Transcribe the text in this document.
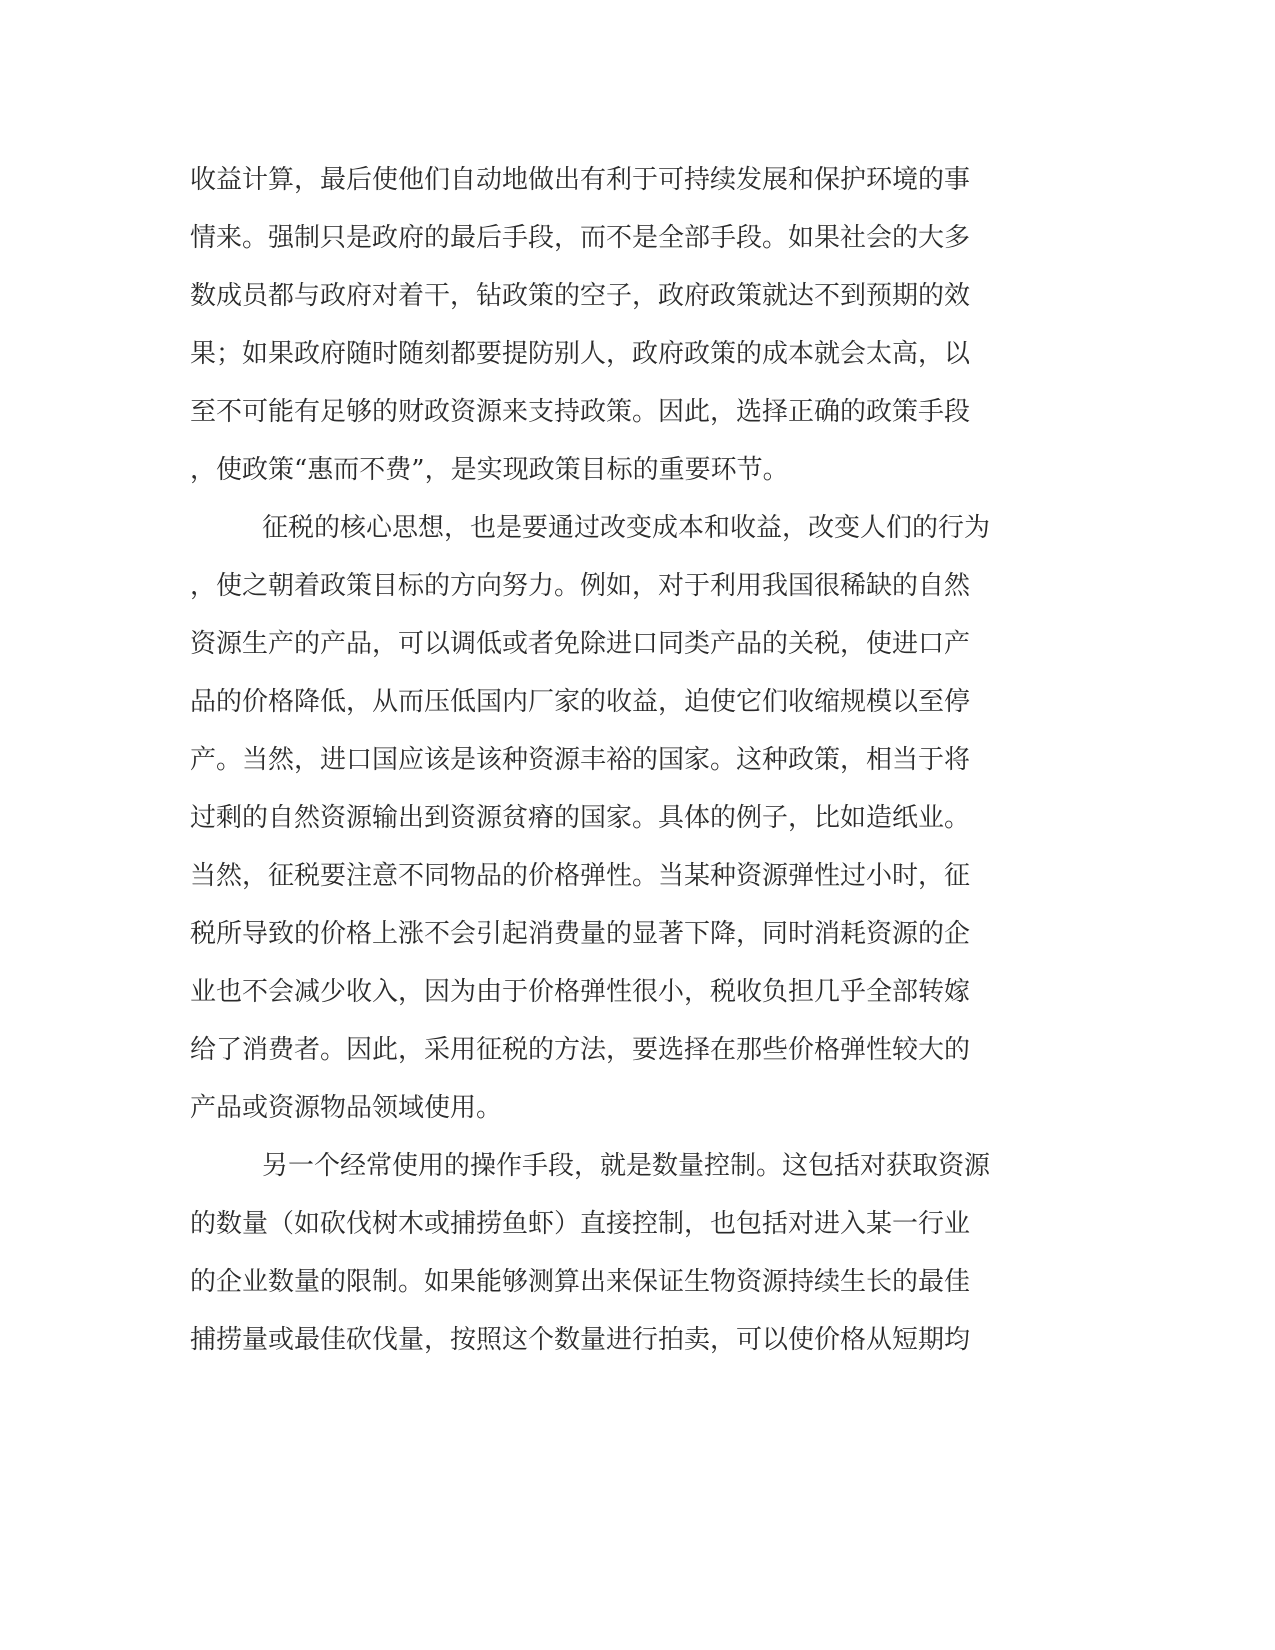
收益计算，最后使他们自动地做出有利于可持续发展和保护环境的事
情来。强制只是政府的最后手段，而不是全部手段。如果社会的大多
数成员都与政府对着干，钻政策的空子，政府政策就达不到预期的效
果；如果政府随时随刻都要提防别人，政府政策的成本就会太高，以
至不可能有足够的财政资源来支持政策。因此，选择正确的政策手段
，使政策“惠而不费”，是实现政策目标的重要环节。
征税的核心思想，也是要通过改变成本和收益，改变人们的行为
，使之朝着政策目标的方向努力。例如，对于利用我国很稀缺的自然
资源生产的产品，可以调低或者免除进口同类产品的关税，使进口产
品的价格降低，从而压低国内厂家的收益，迫使它们收缩规模以至停
产。当然，进口国应该是该种资源丰裕的国家。这种政策，相当于将
过剩的自然资源输出到资源贫瘠的国家。具体的例子，比如造纸业。
当然，征税要注意不同物品的价格弹性。当某种资源弹性过小时，征
税所导致的价格上涨不会引起消费量的显著下降，同时消耗资源的企
业也不会减少收入，因为由于价格弹性很小，税收负担几乎全部转嫁
给了消费者。因此，采用征税的方法，要选择在那些价格弹性较大的
产品或资源物品领域使用。
另一个经常使用的操作手段，就是数量控制。这包括对获取资源
的数量（如砍伐树木或捕捞鱼虾）直接控制，也包括对进入某一行业
的企业数量的限制。如果能够测算出来保证生物资源持续生长的最佳
捕捞量或最佳砍伐量，按照这个数量进行拍卖，可以使价格从短期均
